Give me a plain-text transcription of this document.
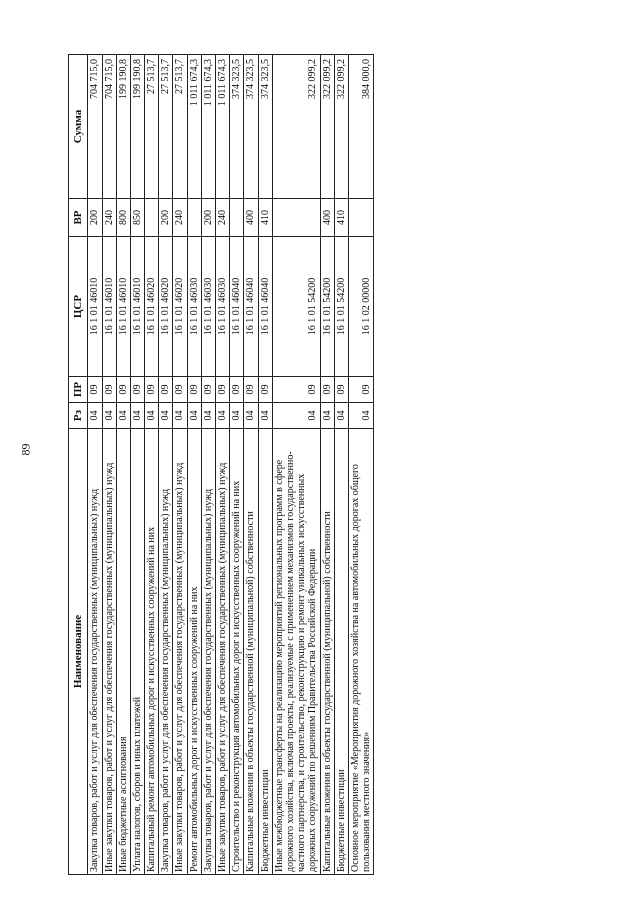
89
Наименование	Рз	ПР	ЦСР	ВР	Сумма
Закупка товаров, работ и услуг для обеспечения государственных (муниципальных) нужд	04	09	16 1 01 46010	200	704 715,0
Иные закупки товаров, работ и услуг для обеспечения государственных (муниципальных) нужд	04	09	16 1 01 46010	240	704 715,0
Иные бюджетные ассигнования	04	09	16 1 01 46010	800	199 190,8
Уплата налогов, сборов и иных платежей	04	09	16 1 01 46010	850	199 190,8
Капитальный ремонт автомобильных дорог и искусственных сооружений на них	04	09	16 1 01 46020		27 513,7
Закупка товаров, работ и услуг для обеспечения государственных (муниципальных) нужд	04	09	16 1 01 46020	200	27 513,7
Иные закупки товаров, работ и услуг для обеспечения государственных (муниципальных) нужд	04	09	16 1 01 46020	240	27 513,7
Ремонт автомобильных дорог и искусственных сооружений на них	04	09	16 1 01 46030		1 011 674,3
Закупка товаров, работ и услуг для обеспечения государственных (муниципальных) нужд	04	09	16 1 01 46030	200	1 011 674,3
Иные закупки товаров, работ и услуг для обеспечения государственных (муниципальных) нужд	04	09	16 1 01 46030	240	1 011 674,3
Строительство и реконструкция автомобильных дорог и искусственных сооружений на них	04	09	16 1 01 46040		374 323,5
Капитальные вложения в объекты государственной (муниципальной) собственности	04	09	16 1 01 46040	400	374 323,5
Бюджетные инвестиции	04	09	16 1 01 46040	410	374 323,5
Иные межбюджетные трансферты на реализацию мероприятий региональных программ в сфере дорожного хозяйства, включая проекты, реализуемые с применением механизмов государственно-частного партнерства, и строительство, реконструкцию и ремонт уникальных искусственных дорожных сооружений по решениям Правительства Российской Федерации	04	09	16 1 01 54200		322 099,2
Капитальные вложения в объекты государственной (муниципальной) собственности	04	09	16 1 01 54200	400	322 099,2
Бюджетные инвестиции	04	09	16 1 01 54200	410	322 099,2
Основное мероприятие «Мероприятия дорожного хозяйства на автомобильных дорогах общего пользования местного значения»	04	09	16 1 02 00000		384 000,0
